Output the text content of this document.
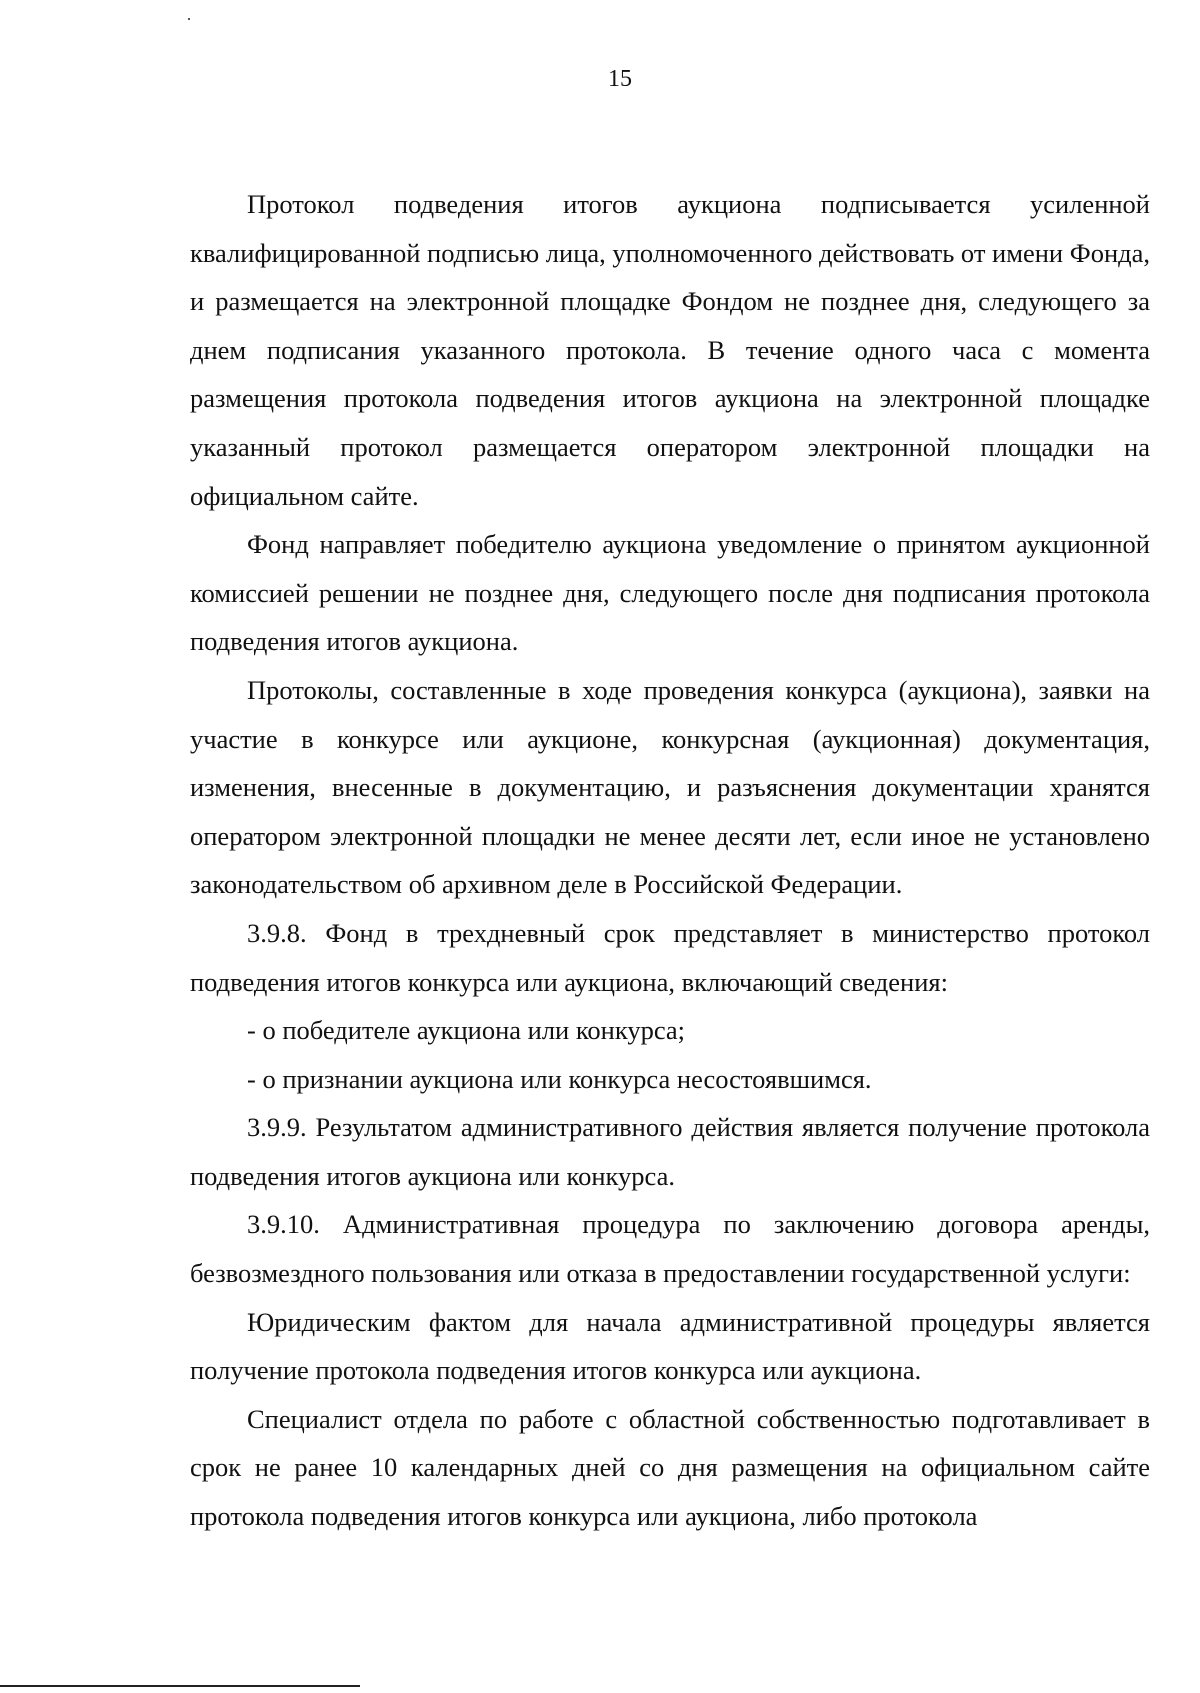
15

Протокол подведения итогов аукциона подписывается усиленной квалифицированной подписью лица, уполномоченного действовать от имени Фонда, и размещается на электронной площадке Фондом не позднее дня, следующего за днем подписания указанного протокола. В течение одного часа с момента размещения протокола подведения итогов аукциона на электронной площадке указанный протокол размещается оператором электронной площадки на официальном сайте.

Фонд направляет победителю аукциона уведомление о принятом аукционной комиссией решении не позднее дня, следующего после дня подписания протокола подведения итогов аукциона.

Протоколы, составленные в ходе проведения конкурса (аукциона), заявки на участие в конкурсе или аукционе, конкурсная (аукционная) документация, изменения, внесенные в документацию, и разъяснения документации хранятся оператором электронной площадки не менее десяти лет, если иное не установлено законодательством об архивном деле в Российской Федерации.

3.9.8. Фонд в трехдневный срок представляет в министерство протокол подведения итогов конкурса или аукциона, включающий сведения:

- о победителе аукциона или конкурса;

- о признании аукциона или конкурса несостоявшимся.

3.9.9. Результатом административного действия является получение протокола подведения итогов аукциона или конкурса.

3.9.10. Административная процедура по заключению договора аренды, безвозмездного пользования или отказа в предоставлении государственной услуги:

Юридическим фактом для начала административной процедуры является получение протокола подведения итогов конкурса или аукциона.

Специалист отдела по работе с областной собственностью подготавливает в срок не ранее 10 календарных дней со дня размещения на официальном сайте протокола подведения итогов конкурса или аукциона, либо протокола
